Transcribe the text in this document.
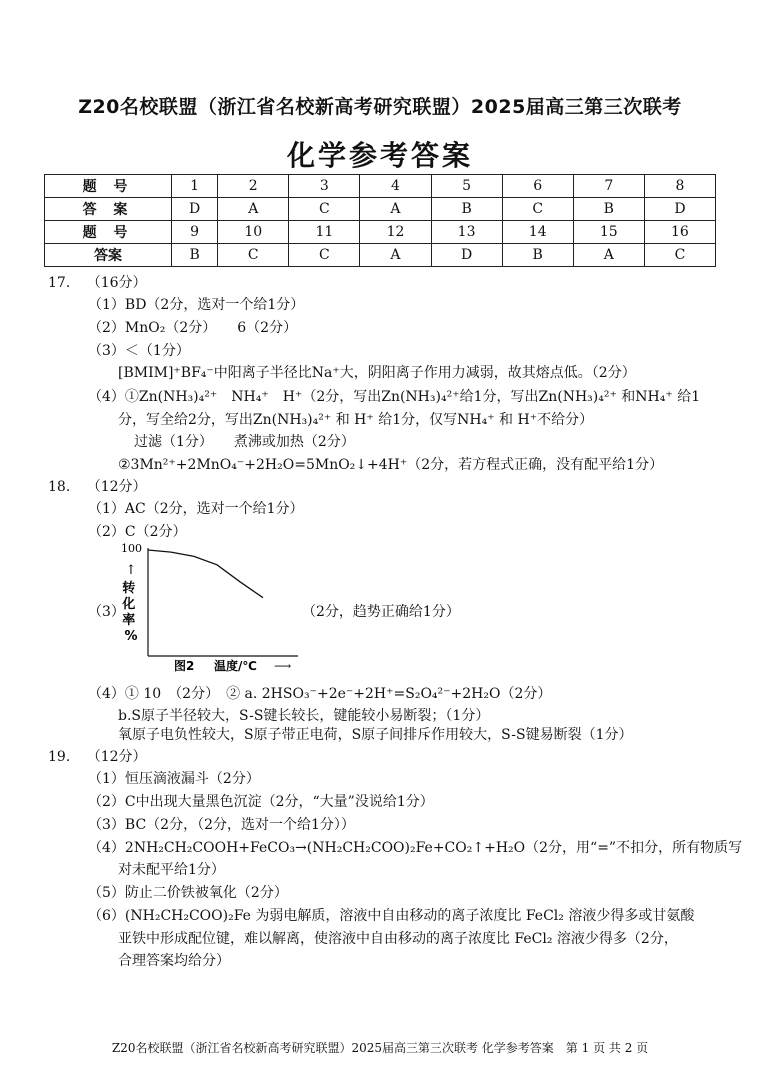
Z20名校联盟（浙江省名校新高考研究联盟）2025届高三第三次联考
化学参考答案
题 号	1	2	3	4	5	6	7	8
答 案	D	A	C	A	B	C	B	D
题 号	9	10	11	12	13	14	15	16
答案	B	C	C	A	D	B	A	C
17. （16分）
（1）BD（2分，选对一个给1分）
（2）MnO₂（2分）　　6（2分）
（3）＜（1分）
[BMIM]⁺BF₄⁻中阳离子半径比Na⁺大，阴阳离子作用力减弱，故其熔点低。（2分）
（4）①Zn(NH₃)₄²⁺　NH₄⁺　H⁺（2分，写出Zn(NH₃)₄²⁺给1分，写出Zn(NH₃)₄²⁺ 和NH₄⁺ 给1
分，写全给2分，写出Zn(NH₃)₄²⁺ 和 H⁺ 给1分，仅写NH₄⁺ 和 H⁺不给分）
过滤（1分）　　煮沸或加热（2分）
②3Mn²⁺+2MnO₄⁻+2H₂O=5MnO₂↓+4H⁺（2分，若方程式正确，没有配平给1分）
18. （12分）
（1）AC（2分，选对一个给1分）
（2）C（2分）
（3）	（2分，趋势正确给1分）
100
↑
转 化 率 %
图2 温度/℃ ⟶
（4）① 10　（2分）　② a. 2HSO₃⁻+2e⁻+2H⁺=S₂O₄²⁻+2H₂O（2分）
b.S原子半径较大，S-S键长较长，键能较小易断裂；（1分）
氧原子电负性较大，S原子带正电荷，S原子间排斥作用较大，S-S键易断裂（1分）
19. （12分）
（1）恒压滴液漏斗（2分）
（2）C中出现大量黑色沉淀（2分，“大量”没说给1分）
（3）BC（2分，（2分，选对一个给1分））
（4）2NH₂CH₂COOH+FeCO₃→(NH₂CH₂COO)₂Fe+CO₂↑+H₂O（2分，用“=”不扣分，所有物质写
对未配平给1分）
（5）防止二价铁被氧化（2分）
（6）(NH₂CH₂COO)₂Fe 为弱电解质，溶液中自由移动的离子浓度比 FeCl₂ 溶液少得多或甘氨酸
亚铁中形成配位键，难以解离，使溶液中自由移动的离子浓度比 FeCl₂ 溶液少得多（2分，
合理答案均给分）
Z20名校联盟（浙江省名校新高考研究联盟）2025届高三第三次联考 化学参考答案　第 1 页 共 2 页
